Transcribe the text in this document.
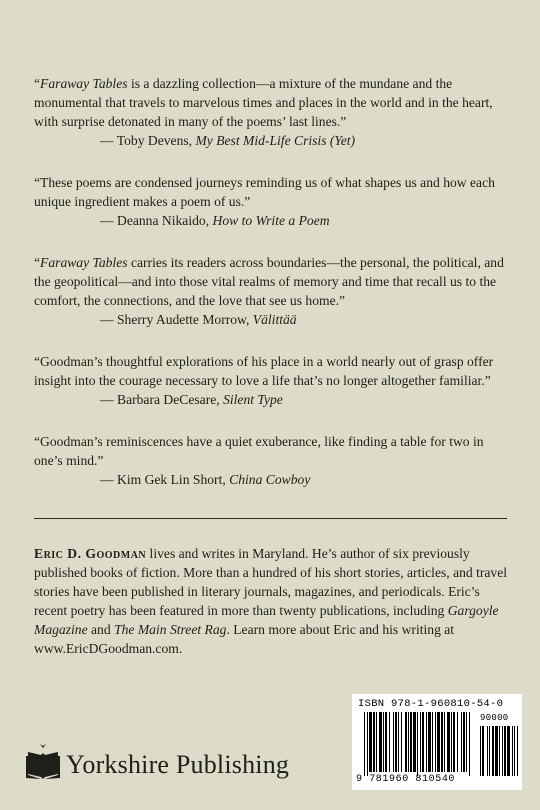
“Faraway Tables is a dazzling collection—a mixture of the mundane and the monumental that travels to marvelous times and places in the world and in the heart, with surprise detonated in many of the poems’ last lines.”

— Toby Devens, My Best Mid-Life Crisis (Yet)

“These poems are condensed journeys reminding us of what shapes us and how each unique ingredient makes a poem of us.”

— Deanna Nikaido, How to Write a Poem

“Faraway Tables carries its readers across boundaries—the personal, the political, and the geopolitical—and into those vital realms of memory and time that recall us to the comfort, the connections, and the love that see us home.”

— Sherry Audette Morrow, Välittää

“Goodman’s thoughtful explorations of his place in a world nearly out of grasp offer insight into the courage necessary to love a life that’s no longer altogether familiar.”

— Barbara DeCesare, Silent Type

“Goodman’s reminiscences have a quiet exuberance, like finding a table for two in one’s mind.”

— Kim Gek Lin Short, China Cowboy

Eric D. Goodman lives and writes in Maryland. He’s author of six previously published books of fiction. More than a hundred of his short stories, articles, and travel stories have been published in literary journals, magazines, and periodicals. Eric’s recent poetry has been featured in more than twenty publications, including Gargoyle Magazine and The Main Street Rag. Learn more about Eric and his writing at www.EricDGoodman.com.

Yorkshire Publishing
ISBN 978-1-960810-54-0
90000
9 781960 810540
